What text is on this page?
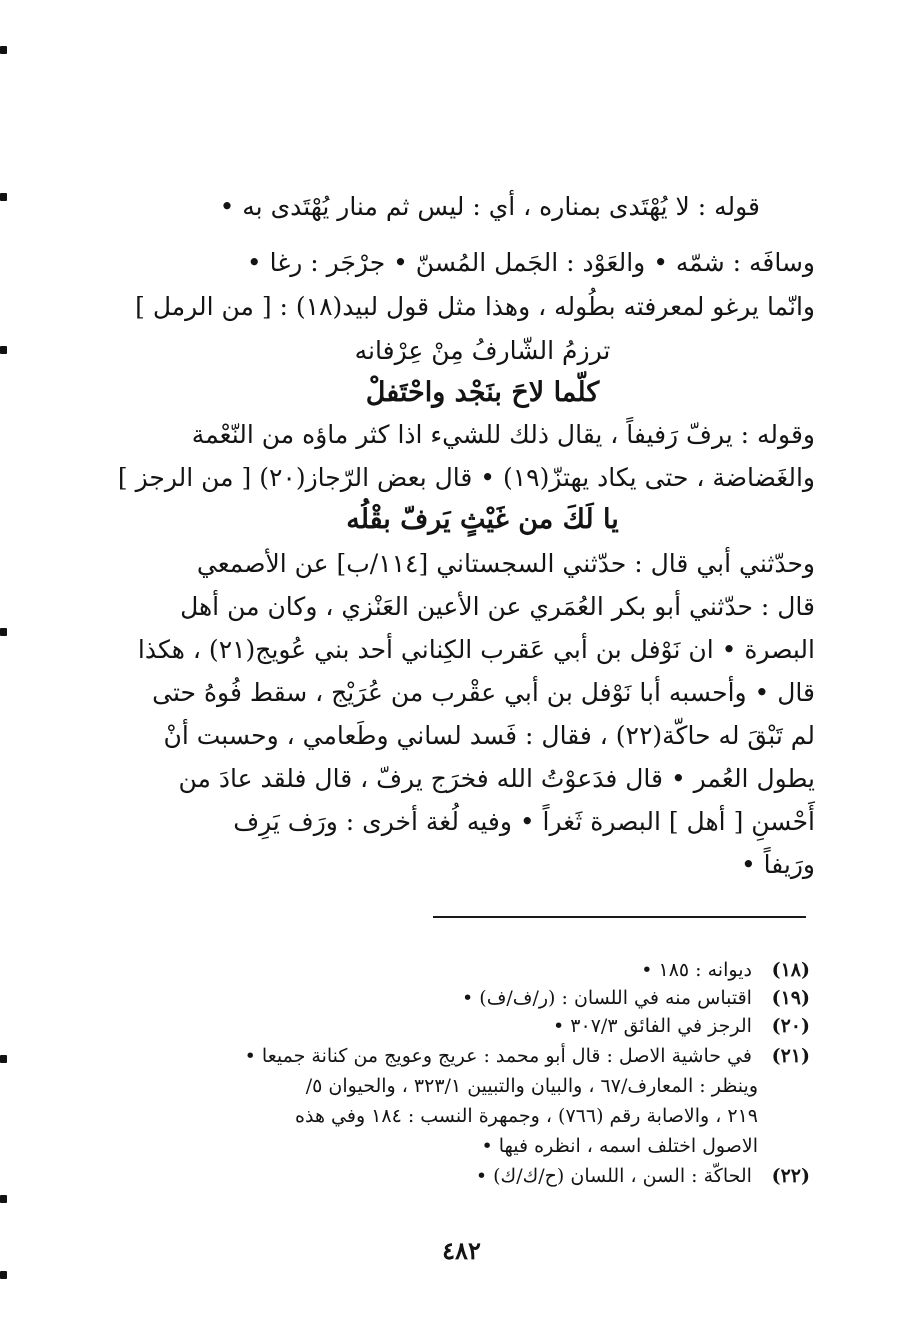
قوله : لا يُهْتَدى بمناره ، أي : ليس ثم منار يُهْتَدى به •
وسافَه : شمّه • والعَوْد : الجَمل المُسنّ • جرْجَر : رغا •
وانّما يرغو لمعرفته بطُوله ، وهذا مثل قول لبيد(١٨) : [ من الرمل ]
ترزمُ الشّارفُ مِنْ عِرْفانه
كلّما لاحَ بنَجْد واحْتَفلْ
وقوله : يرفّ رَفيفاً ، يقال ذلك للشيء اذا كثر ماؤه من النّعْمة
والغَضاضة ، حتى يكاد يهتزّ(١٩) • قال بعض الرّجاز(٢٠) [ من الرجز ]
يا لَكَ من غَيْثٍ يَرفّ بقْلُه
وحدّثني أبي قال : حدّثني السجستاني [١١٤/ب] عن الأصمعي
قال : حدّثني أبو بكر العُمَري عن الأعين العَنْزي ، وكان من أهل
البصرة • ان نَوْفل بن أبي عَقرب الكِناني أحد بني عُويج(٢١) ، هكذا
قال • وأحسبه أبا نَوْفل بن أبي عقْرب من عُرَيْج ، سقط فُوهُ حتى
لم تَبْقَ له حاكّة(٢٢) ، فقال : فَسد لساني وطَعامي ، وحسبت أنْ
يطول العُمر • قال فدَعوْتُ الله فخرَج يرفّ ، قال فلقد عادَ من
أَحْسنِ [ أهل ] البصرة ثَغراً • وفيه لُغة أخرى : ورَف يَرِف
ورَيفاً •
(١٨) ديوانه : ١٨٥ •
(١٩) اقتباس منه في اللسان : (ر/ف/ف) •
(٢٠) الرجز في الفائق ٣٠٧/٣ •
(٢١) في حاشية الاصل : قال أبو محمد : عريج وعويج من كنانة جميعا •
وينظر : المعارف/٦٧ ، والبيان والتبيين ٣٢٣/١ ، والحيوان ٥/
٢١٩ ، والاصابة رقم (٧٦٦) ، وجمهرة النسب : ١٨٤ وفي هذه
الاصول اختلف اسمه ، انظره فيها •
(٢٢) الحاكّة : السن ، اللسان (ح/ك/ك) •
٤٨٢
